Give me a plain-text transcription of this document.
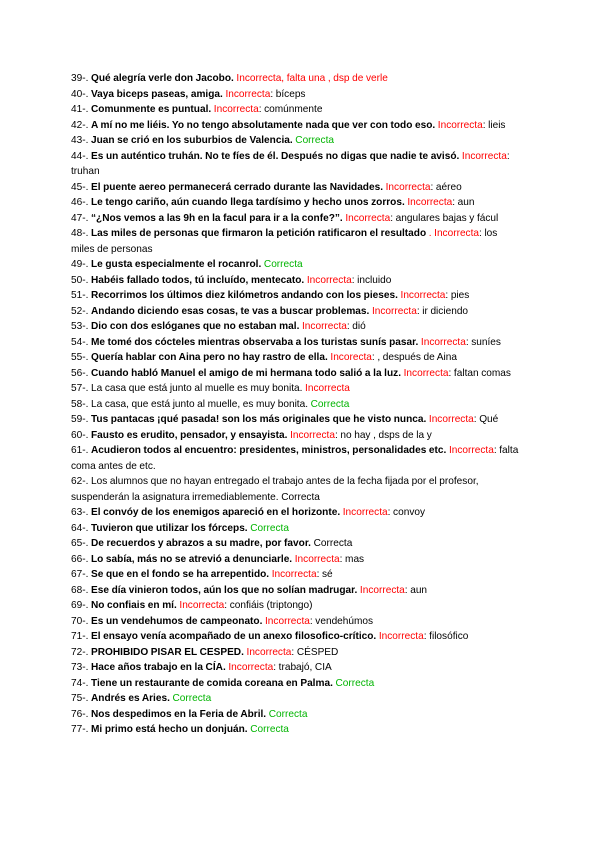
39-. Qué alegría verle don Jacobo. Incorrecta, falta una , dsp de verle

40-. Vaya biceps paseas, amiga. Incorrecta: bíceps

41-. Comunmente es puntual. Incorrecta: comúnmente

42-. A mí no me liéis. Yo no tengo absolutamente nada que ver con todo eso. Incorrecta: lieis

43-. Juan se crió en los suburbios de Valencia. Correcta

44-. Es un auténtico truhán. No te fíes de él. Después no digas que nadie te avisó. Incorrecta: truhan

45-. El puente aereo permanecerá cerrado durante las Navidades. Incorrecta: aéreo

46-. Le tengo cariño, aún cuando llega tardísimo y hecho unos zorros. Incorrecta: aun

47-. “¿Nos vemos a las 9h en la facul para ir a la confe?”. Incorrecta: angulares bajas y fácul

48-. Las miles de personas que firmaron la petición ratificaron el resultado . Incorrecta: los miles de personas

49-. Le gusta especialmente el rocanrol. Correcta

50-. Habéis fallado todos, tú incluído, mentecato. Incorrecta: incluido

51-. Recorrimos los últimos diez kilómetros andando con los pieses. Incorrecta: pies

52-. Andando diciendo esas cosas, te vas a buscar problemas. Incorrecta: ir diciendo

53-. Dio con dos eslóganes que no estaban mal. Incorrecta: dió

54-. Me tomé dos cócteles mientras observaba a los turistas sunís pasar. Incorrecta: suníes

55-. Quería hablar con Aina pero no hay rastro de ella. Incorecta: , después de Aina

56-. Cuando habló Manuel el amigo de mi hermana todo salió a la luz. Incorrecta: faltan comas

57-. La casa que está junto al muelle es muy bonita. Incorrecta

58-. La casa, que está junto al muelle, es muy bonita. Correcta

59-. Tus pantacas ¡qué pasada! son los más originales que he visto nunca. Incorrecta: Qué

60-. Fausto es erudito, pensador, y ensayista. Incorrecta: no hay , dsps de la y

61-. Acudieron todos al encuentro: presidentes, ministros, personalidades etc. Incorrecta: falta coma antes de etc.

62-. Los alumnos que no hayan entregado el trabajo antes de la fecha fijada por el profesor, suspenderán la asignatura irremediablemente. Correcta

63-. El convóy de los enemigos apareció en el horizonte. Incorrecta: convoy

64-. Tuvieron que utilizar los fórceps. Correcta

65-. De recuerdos y abrazos a su madre, por favor. Correcta

66-. Lo sabía, más no se atrevió a denunciarle. Incorrecta: mas

67-. Se que en el fondo se ha arrepentido. Incorrecta: sé

68-. Ese día vinieron todos, aún los que no solían madrugar. Incorrecta: aun

69-. No confiais en mí. Incorrecta: confiáis (triptongo)

70-. Es un vendehumos de campeonato. Incorrecta: vendehúmos

71-. El ensayo venía acompañado de un anexo filosofico-crítico. Incorrecta: filosófico

72-. PROHIBIDO PISAR EL CESPED. Incorrecta: CÉSPED

73-. Hace años trabajo en la CÍA. Incorrecta: trabajó, CIA

74-. Tiene un restaurante de comida coreana en Palma. Correcta

75-. Andrés es Aries. Correcta

76-. Nos despedimos en la Feria de Abril. Correcta

77-. Mi primo está hecho un donjuán. Correcta
